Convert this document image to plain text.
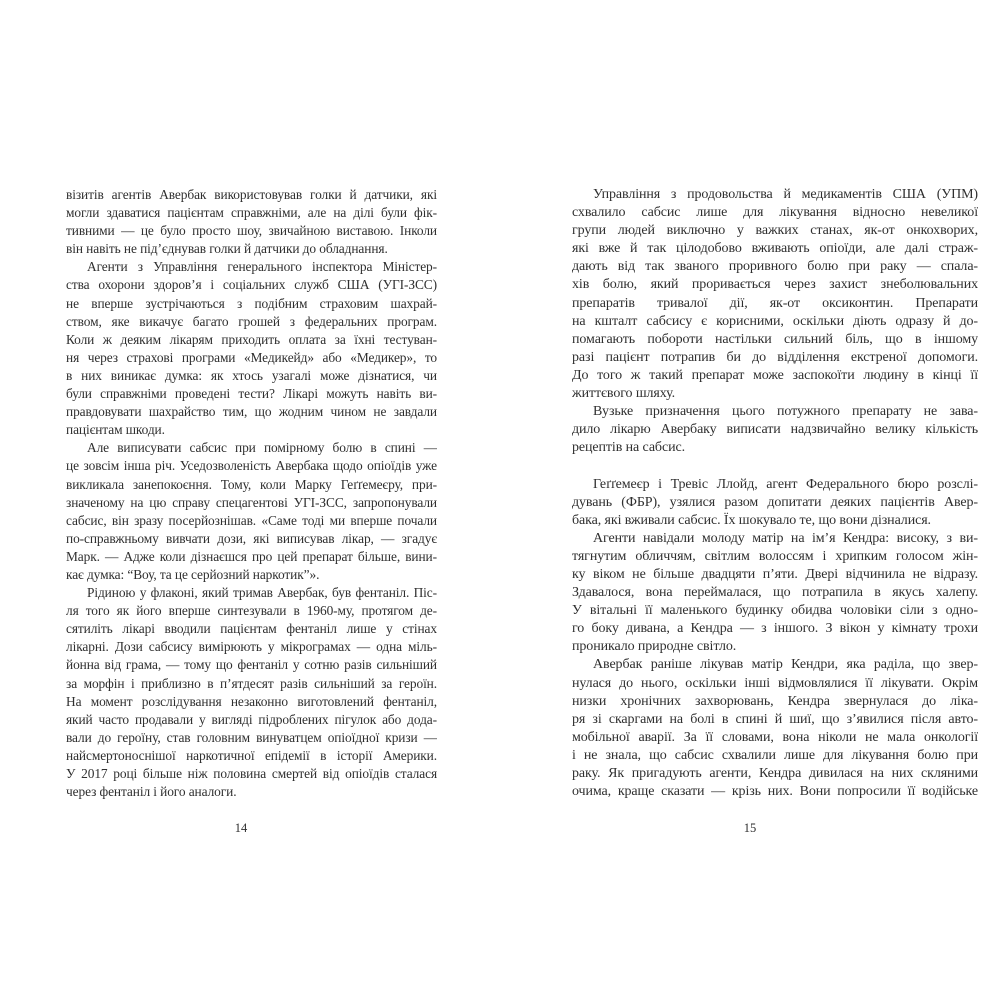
візитів агентів Авербак використовував голки й датчики, які
могли здаватися пацієнтам справжніми, але на ділі були фік-
тивними — це було просто шоу, звичайною виставою. Інколи
він навіть не під’єднував голки й датчики до обладнання.
Агенти з Управління генерального інспектора Міністер-
ства охорони здоров’я і соціальних служб США (УГІ-ЗСС)
не вперше зустрічаються з подібним страховим шахрай-
ством, яке викачує багато грошей з федеральних програм.
Коли ж деяким лікарям приходить оплата за їхні тестуван-
ня через страхові програми «Медикейд» або «Медикер», то
в них виникає думка: як хтось узагалі може дізнатися, чи
були справжніми проведені тести? Лікарі можуть навіть ви-
правдовувати шахрайство тим, що жодним чином не завдали
пацієнтам шкоди.
Але виписувати сабсис при помірному болю в спині —
це зовсім інша річ. Уседозволеність Авербака щодо опіоїдів уже
викликала занепокоєння. Тому, коли Марку Геґґемеєру, при-
значеному на цю справу спецагентові УГІ-ЗСС, запропонували
сабсис, він зразу посерйознішав. «Саме тоді ми вперше почали
по-справжньому вивчати дози, які виписував лікар, — згадує
Марк. — Адже коли дізнаєшся про цей препарат більше, вини-
кає думка: “Воу, та це серйозний наркотик”».
Рідиною у флаконі, який тримав Авербак, був фентаніл. Піс-
ля того як його вперше синтезували в 1960-му, протягом де-
сятиліть лікарі вводили пацієнтам фентаніл лише у стінах
лікарні. Дози сабсису вимірюють у мікрограмах — одна міль-
йонна від грама, — тому що фентаніл у сотню разів сильніший
за морфін і приблизно в п’ятдесят разів сильніший за героїн.
На момент розслідування незаконно виготовлений фентаніл,
який часто продавали у вигляді підроблених пігулок або дода-
вали до героїну, став головним винуватцем опіоїдної кризи —
найсмертоноснішої наркотичної епідемії в історії Америки.
У 2017 році більше ніж половина смертей від опіоїдів сталася
через фентаніл і його аналоги.
Управління з продовольства й медикаментів США (УПМ)
схвалило сабсис лише для лікування відносно невеликої
групи людей виключно у важких станах, як-от онкохворих,
які вже й так цілодобово вживають опіоїди, але далі страж-
дають від так званого проривного болю при раку — спала-
хів болю, який проривається через захист знеболювальних
препаратів тривалої дії, як-от оксиконтин. Препарати
на кшталт сабсису є корисними, оскільки діють одразу й до-
помагають побороти настільки сильний біль, що в іншому
разі пацієнт потрапив би до відділення екстреної допомоги.
До того ж такий препарат може заспокоїти людину в кінці її
життєвого шляху.
Вузьке призначення цього потужного препарату не зава-
дило лікарю Авербаку виписати надзвичайно велику кількість
рецептів на сабсис.
Геґґемеєр і Тревіс Ллойд, агент Федерального бюро розслі-
дувань (ФБР), узялися разом допитати деяких пацієнтів Авер-
бака, які вживали сабсис. Їх шокувало те, що вони дізналися.
Агенти навідали молоду матір на ім’я Кендра: високу, з ви-
тягнутим обличчям, світлим волоссям і хрипким голосом жін-
ку віком не більше двадцяти п’яти. Двері відчинила не відразу.
Здавалося, вона переймалася, що потрапила в якусь халепу.
У вітальні її маленького будинку обидва чоловіки сіли з одно-
го боку дивана, а Кендра — з іншого. З вікон у кімнату трохи
проникало природне світло.
Авербак раніше лікував матір Кендри, яка раділа, що звер-
нулася до нього, оскільки інші відмовлялися її лікувати. Окрім
низки хронічних захворювань, Кендра звернулася до ліка-
ря зі скаргами на болі в спині й шиї, що з’явилися після авто-
мобільної аварії. За її словами, вона ніколи не мала онкології
і не знала, що сабсис схвалили лише для лікування болю при
раку. Як пригадують агенти, Кендра дивилася на них скляними
очима, краще сказати — крізь них. Вони попросили її водійське
14	15
